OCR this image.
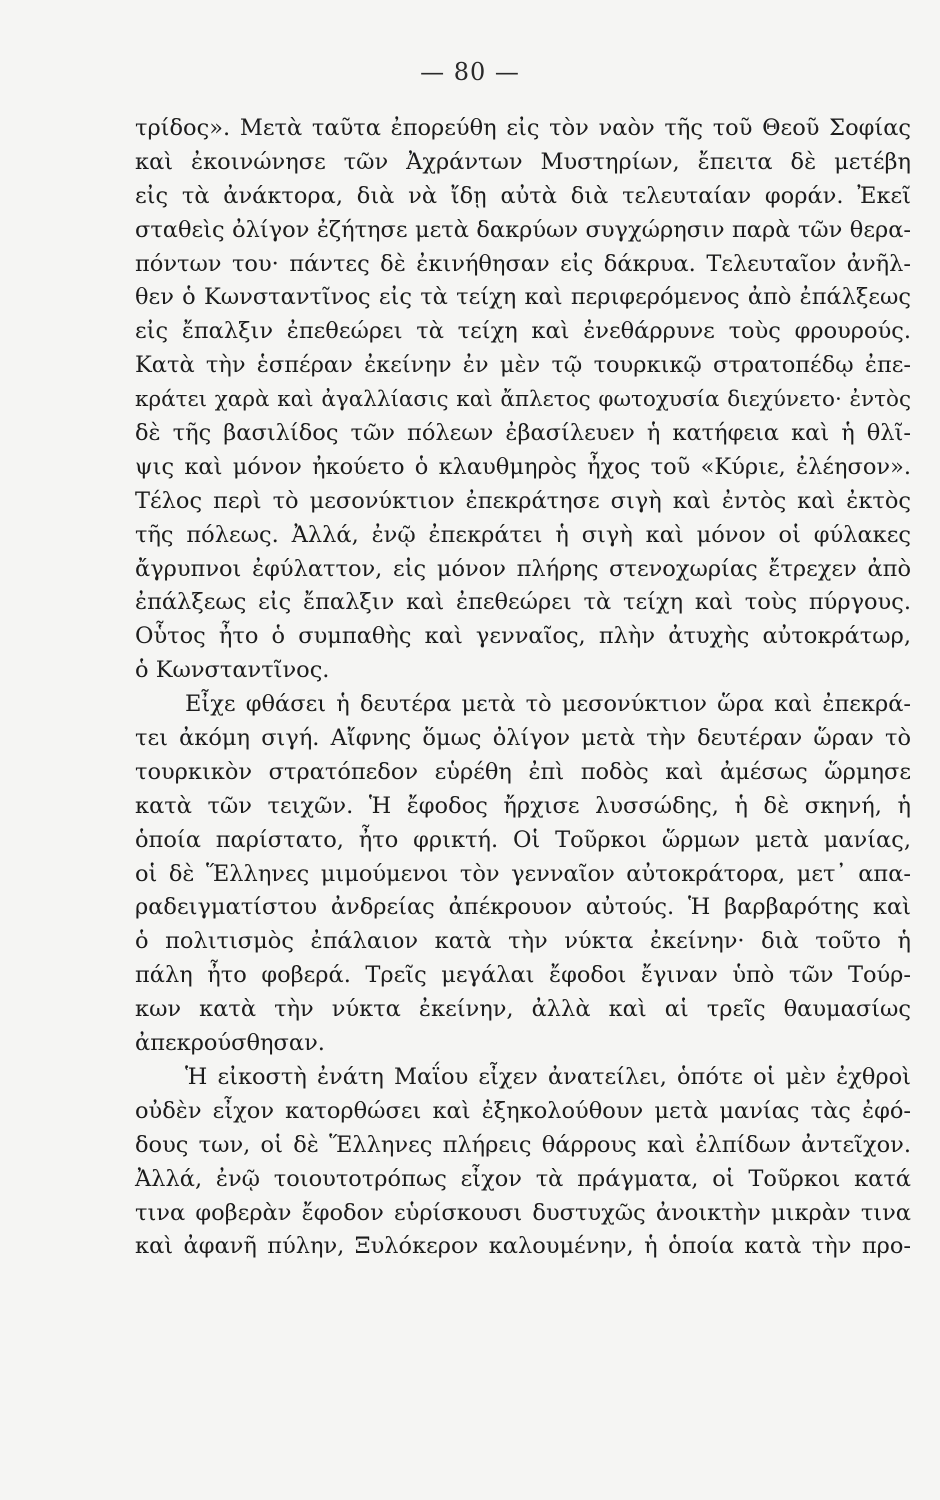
— 80 —
τρίδος». Μετὰ ταῦτα ἐπορεύθη εἰς τὸν ναὸν τῆς τοῦ Θεοῦ Σοφίας
καὶ ἐκοινώνησε τῶν Ἀχράντων Μυστηρίων, ἔπειτα δὲ μετέβη
εἰς τὰ ἀνάκτορα, διὰ νὰ ἴδῃ αὐτὰ διὰ τελευταίαν φοράν. Ἐκεῖ
σταθεὶς ὀλίγον ἐζήτησε μετὰ δακρύων συγχώρησιν παρὰ τῶν θερα-
πόντων του· πάντες δὲ ἐκινήθησαν εἰς δάκρυα. Τελευταῖον ἀνῆλ-
θεν ὁ Κωνσταντῖνος εἰς τὰ τείχη καὶ περιφερόμενος ἀπὸ ἐπάλξεως
εἰς ἔπαλξιν ἐπεθεώρει τὰ τείχη καὶ ἐνεθάρρυνε τοὺς φρουρούς.
Κατὰ τὴν ἑσπέραν ἐκείνην ἐν μὲν τῷ τουρκικῷ στρατοπέδῳ ἐπε-
κράτει χαρὰ καὶ ἀγαλλίασις καὶ ἄπλετος φωτοχυσία διεχύνετο· ἐντὸς
δὲ τῆς βασιλίδος τῶν πόλεων ἐβασίλευεν ἡ κατήφεια καὶ ἡ θλῖ-
ψις καὶ μόνον ἠκούετο ὁ κλαυθμηρὸς ἦχος τοῦ «Κύριε, ἐλέησον».
Τέλος περὶ τὸ μεσονύκτιον ἐπεκράτησε σιγὴ καὶ ἐντὸς καὶ ἐκτὸς
τῆς πόλεως. Ἀλλά, ἐνῷ ἐπεκράτει ἡ σιγὴ καὶ μόνον οἱ φύλακες
ἄγρυπνοι ἐφύλαττον, εἰς μόνον πλήρης στενοχωρίας ἔτρεχεν ἀπὸ
ἐπάλξεως εἰς ἔπαλξιν καὶ ἐπεθεώρει τὰ τείχη καὶ τοὺς πύργους.
Οὗτος ἦτο ὁ συμπαθὴς καὶ γενναῖος, πλὴν ἀτυχὴς αὐτοκράτωρ,
ὁ Κωνσταντῖνος.
Εἶχε φθάσει ἡ δευτέρα μετὰ τὸ μεσονύκτιον ὥρα καὶ ἐπεκρά-
τει ἀκόμη σιγή. Αἴφνης ὅμως ὀλίγον μετὰ τὴν δευτέραν ὥραν τὸ
τουρκικὸν στρατόπεδον εὑρέθη ἐπὶ ποδὸς καὶ ἀμέσως ὥρμησε
κατὰ τῶν τειχῶν. Ἡ ἔφοδος ἤρχισε λυσσώδης, ἡ δὲ σκηνή, ἡ
ὁποία παρίστατο, ἦτο φρικτή. Οἱ Τοῦρκοι ὥρμων μετὰ μανίας,
οἱ δὲ Ἕλληνες μιμούμενοι τὸν γενναῖον αὐτοκράτορα, μετ᾽ απα-
ραδειγματίστου ἀνδρείας ἀπέκρουον αὐτούς. Ἡ βαρβαρότης καὶ
ὁ πολιτισμὸς ἐπάλαιον κατὰ τὴν νύκτα ἐκείνην· διὰ τοῦτο ἡ
πάλη ἦτο φοβερά. Τρεῖς μεγάλαι ἔφοδοι ἔγιναν ὑπὸ τῶν Τούρ-
κων κατὰ τὴν νύκτα ἐκείνην, ἀλλὰ καὶ αἱ τρεῖς θαυμασίως
ἀπεκρούσθησαν.
Ἡ εἰκοστὴ ἐνάτη Μαΐου εἶχεν ἀνατείλει, ὁπότε οἱ μὲν ἐχθροὶ
οὐδὲν εἶχον κατορθώσει καὶ ἐξηκολούθουν μετὰ μανίας τὰς ἐφό-
δους των, οἱ δὲ Ἕλληνες πλήρεις θάρρους καὶ ἐλπίδων ἀντεῖχον.
Ἀλλά, ἐνῷ τοιουτοτρόπως εἶχον τὰ πράγματα, οἱ Τοῦρκοι κατά
τινα φοβερὰν ἔφοδον εὑρίσκουσι δυστυχῶς ἀνοικτὴν μικρὰν τινα
καὶ ἀφανῆ πύλην, Ξυλόκερον καλουμένην, ἡ ὁποία κατὰ τὴν προ-
